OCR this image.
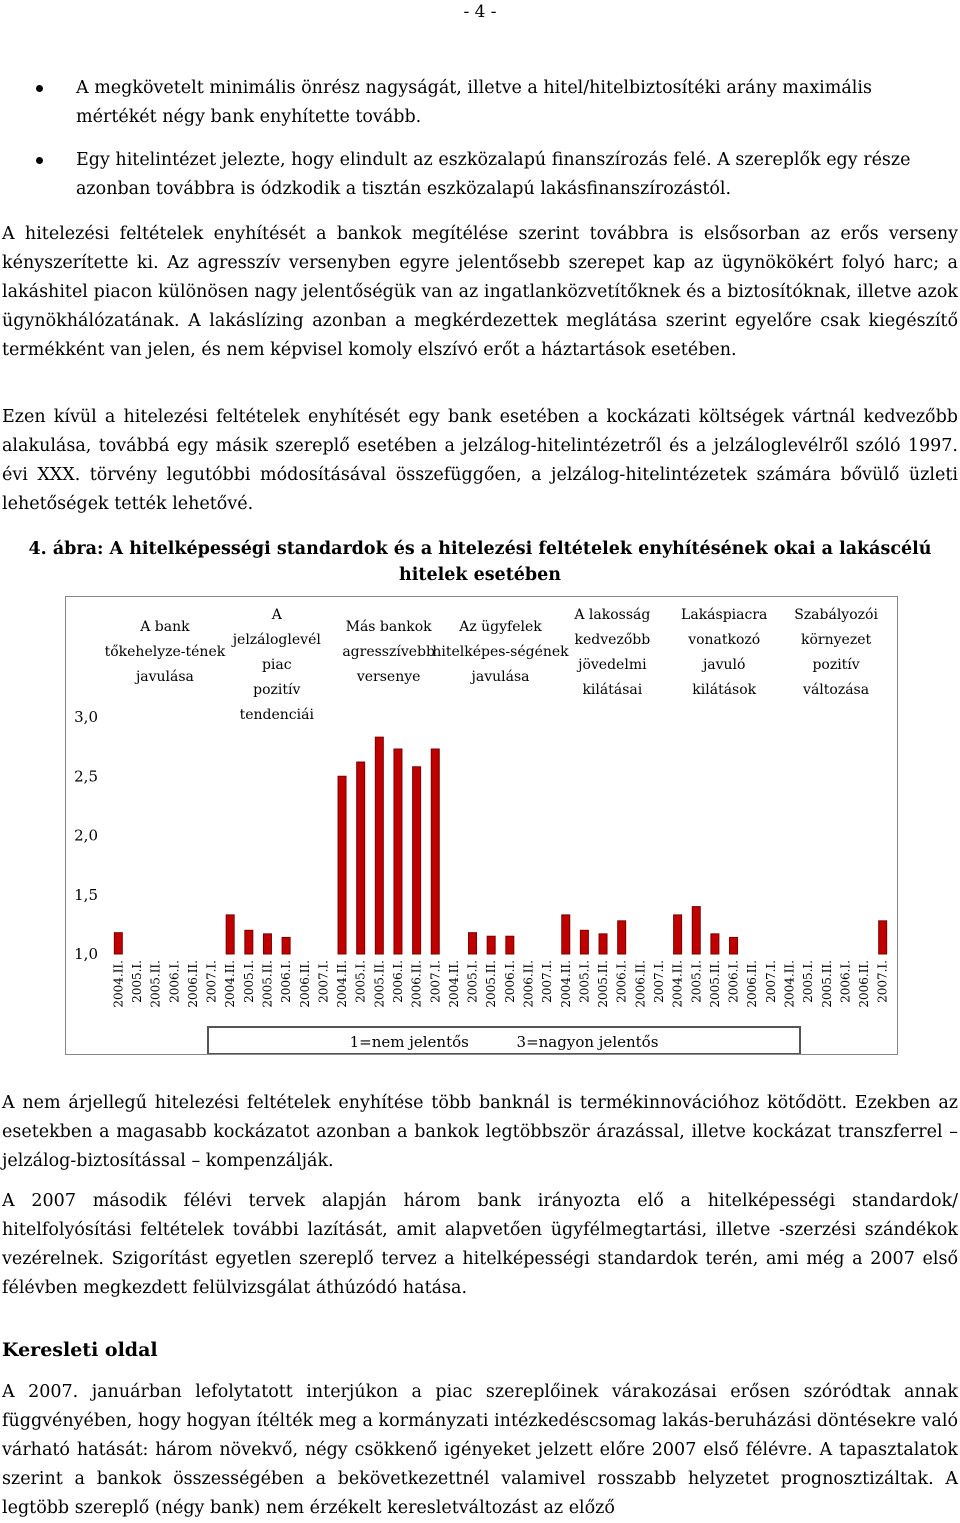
- 4 -
A megkövetelt minimális önrész nagyságát, illetve a hitel/hitelbiztosítéki arány maximális mértékét négy bank enyhítette tovább.
Egy hitelintézet jelezte, hogy elindult az eszközalapú finanszírozás felé. A szereplők egy része azonban továbbra is ódzkodik a tisztán eszközalapú lakásfinanszírozástól.
A hitelezési feltételek enyhítését a bankok megítélése szerint továbbra is elsősorban az erős verseny kényszerítette ki. Az agresszív versenyben egyre jelentősebb szerepet kap az ügynökökért folyó harc; a lakáshitel piacon különösen nagy jelentőségük van az ingatlanközvetítőknek és a biztosítóknak, illetve azok ügynökhálózatának. A lakáslízing azonban a megkérdezettek meglátása szerint egyelőre csak kiegészítő termékként van jelen, és nem képvisel komoly elszívó erőt a háztartások esetében.
Ezen kívül a hitelezési feltételek enyhítését egy bank esetében a kockázati költségek vártnál kedvezőbb alakulása, továbbá egy másik szereplő esetében a jelzálog-hitelintézetről és a jelzáloglevélről szóló 1997. évi XXX. törvény legutóbbi módosításával összefüggően, a jelzálog-hitelintézetek számára bővülő üzleti lehetőségek tették lehetővé.
4. ábra: A hitelképességi standardok és a hitelezési feltételek enyhítésének okai a lakáscélú hitelek esetében
3,0
2,5
2,0
1,5
1,0
A bank
tőkehelyze-tének
javulása
2004.II. 2005.I. 2005.II. 2006.I. 2006.II. 2007.I.
A
jelzáloglevél
piac
pozitív
tendenciái
2004.II. 2005.I. 2005.II. 2006.I. 2006.II. 2007.I.
Más bankok
agresszívebb
versenye
2004.II. 2005.I. 2005.II. 2006.I. 2006.II. 2007.I.
Az ügyfelek
hitelképes-ségének
javulása
2004.II. 2005.I. 2005.II. 2006.I. 2006.II. 2007.I.
A lakosság
kedvezőbb
jövedelmi
kilátásai
2004.II. 2005.I. 2005.II. 2006.I. 2006.II. 2007.I.
Lakáspiacra
vonatkozó
javuló
kilátások
2004.II. 2005.I. 2005.II. 2006.I. 2006.II. 2007.I.
Szabályozói
környezet
pozitív
változása
2004.II. 2005.I. 2005.II. 2006.I. 2006.II. 2007.I.
1=nem jelentős          3=nagyon jelentős
A nem árjellegű hitelezési feltételek enyhítése több banknál is termékinnovációhoz kötődött. Ezekben az esetekben a magasabb kockázatot azonban a bankok legtöbbször árazással, illetve kockázat transzferrel – jelzálog-biztosítással – kompenzálják.
A 2007 második félévi tervek alapján három bank irányozta elő a hitelképességi standardok/ hitelfolyósítási feltételek további lazítását, amit alapvetően ügyfélmegtartási, illetve -szerzési szándékok vezérelnek. Szigorítást egyetlen szereplő tervez a hitelképességi standardok terén, ami még a 2007 első félévben megkezdett felülvizsgálat áthúzódó hatása.
Keresleti oldal
A 2007. januárban lefolytatott interjúkon a piac szereplőinek várakozásai erősen szóródtak annak függvényében, hogy hogyan ítélték meg a kormányzati intézkedéscsomag lakás-beruházási döntésekre való várható hatását: három növekvő, négy csökkenő igényeket jelzett előre 2007 első félévre. A tapasztalatok szerint a bankok összességében a bekövetkezettnél valamivel rosszabb helyzetet prognosztizáltak. A legtöbb szereplő (négy bank) nem érzékelt keresletváltozást az előző
